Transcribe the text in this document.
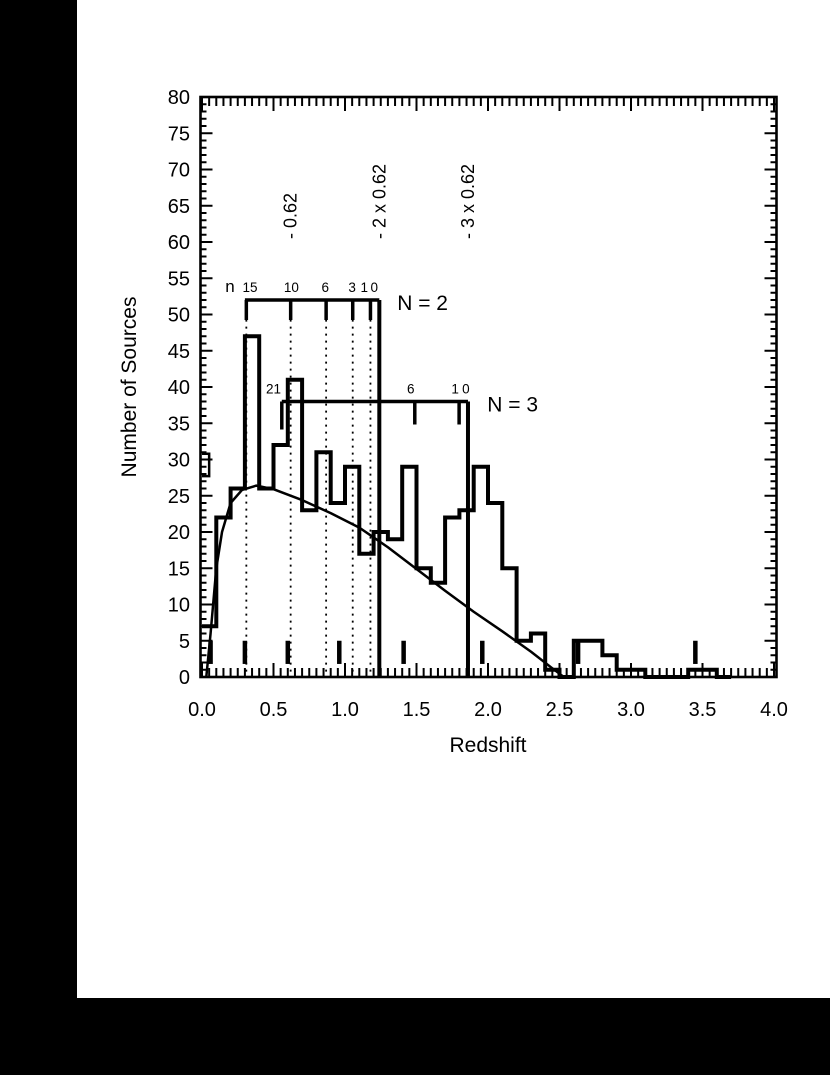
0.0 0.5 1.0 1.5 2.0 2.5 3.0 3.5 4.0
0
5
10
15
20
25
30
35
40
45
50
55
60
65
70
75
80
15 10 6 3 1 0
N = 2
n
21	6	1 0
N = 3
- 0.62	- 2 x 0.62	- 3 x 0.62
Redshift
Number of Sources
